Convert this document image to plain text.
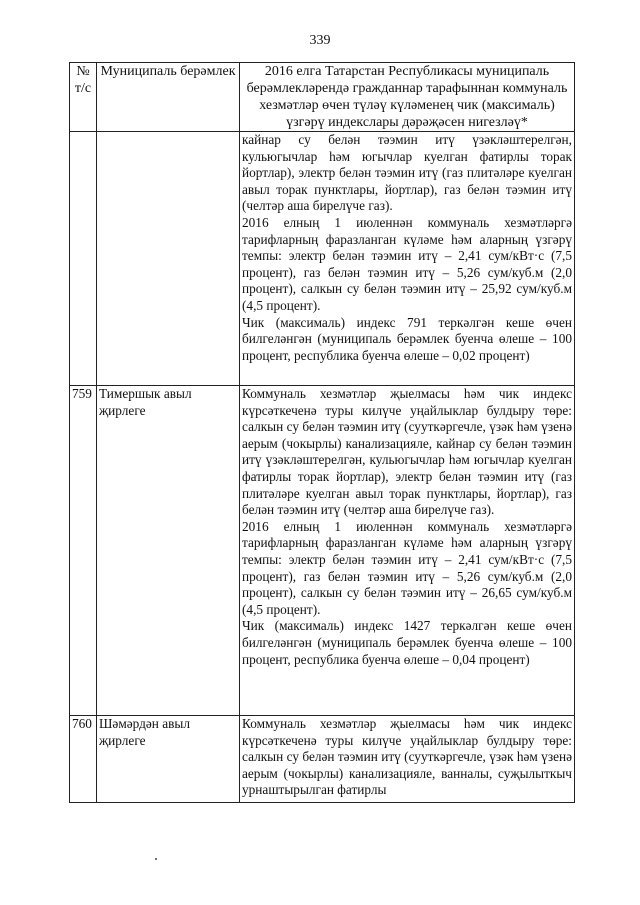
339
№ т/с	Муниципаль берәмлек	2016 елга Татарстан Республикасы муниципаль берәмлекләрендә гражданнар тарафыннан коммуналь хезмәтләр өчен түләү күләменең чик (максималь) үзгәрү индекслары дәрәҗәсен нигезләү*

		кайнар су белән тәэмин итү үзәкләштерелгән, кульюгычлар һәм югычлар куелган фатирлы торак йортлар), электр белән тәэмин итү (газ плитәләре куелган авыл торак пунктлары, йортлар), газ белән тәэмин итү (челтәр аша бирелүче газ).

2016 елның 1 июленнән коммуналь хезмәтләргә тарифларның фаразланган күләме һәм аларның үзгәрү темпы: электр белән тәэмин итү – 2,41 сум/кВт·с (7,5 процент), газ белән тәэмин итү – 5,26 сум/куб.м (2,0 процент), салкын су белән тәэмин итү – 25,92 сум/куб.м (4,5 процент).

Чик (максималь) индекс 791 теркәлгән кеше өчен билгеләнгән (муниципаль берәмлек буенча өлеше – 100 процент, республика буенча өлеше – 0,02 процент)

759	Тимершык авыл җирлеге	Коммуналь хезмәтләр җыелмасы һәм чик индекс күрсәткеченә туры килүче уңайлыклар булдыру төре: салкын су белән тәэмин итү (сууткәргечле, үзәк һәм үзенә аерым (чокырлы) канализацияле, кайнар су белән тәэмин итү үзәкләштерелгән, кульюгычлар һәм югычлар куелган фатирлы торак йортлар), электр белән тәэмин итү (газ плитәләре куелган авыл торак пунктлары, йортлар), газ белән тәэмин итү (челтәр аша бирелүче газ).

2016 елның 1 июленнән коммуналь хезмәтләргә тарифларның фаразланган күләме һәм аларның үзгәрү темпы: электр белән тәэмин итү – 2,41 сум/кВт·с (7,5 процент), газ белән тәэмин итү – 5,26 сум/куб.м (2,0 процент), салкын су белән тәэмин итү – 26,65 сум/куб.м (4,5 процент).

Чик (максималь) индекс 1427 теркәлгән кеше өчен билгеләнгән (муниципаль берәмлек буенча өлеше – 100 процент, республика буенча өлеше – 0,04 процент)

760	Шәмәрдән авыл җирлеге	Коммуналь хезмәтләр җыелмасы һәм чик индекс күрсәткеченә туры килүче уңайлыклар булдыру төре: салкын су белән тәэмин итү (сууткәргечле, үзәк һәм үзенә аерым (чокырлы) канализацияле, ванналы, суҗылыткыч урнаштырылган фатирлы
